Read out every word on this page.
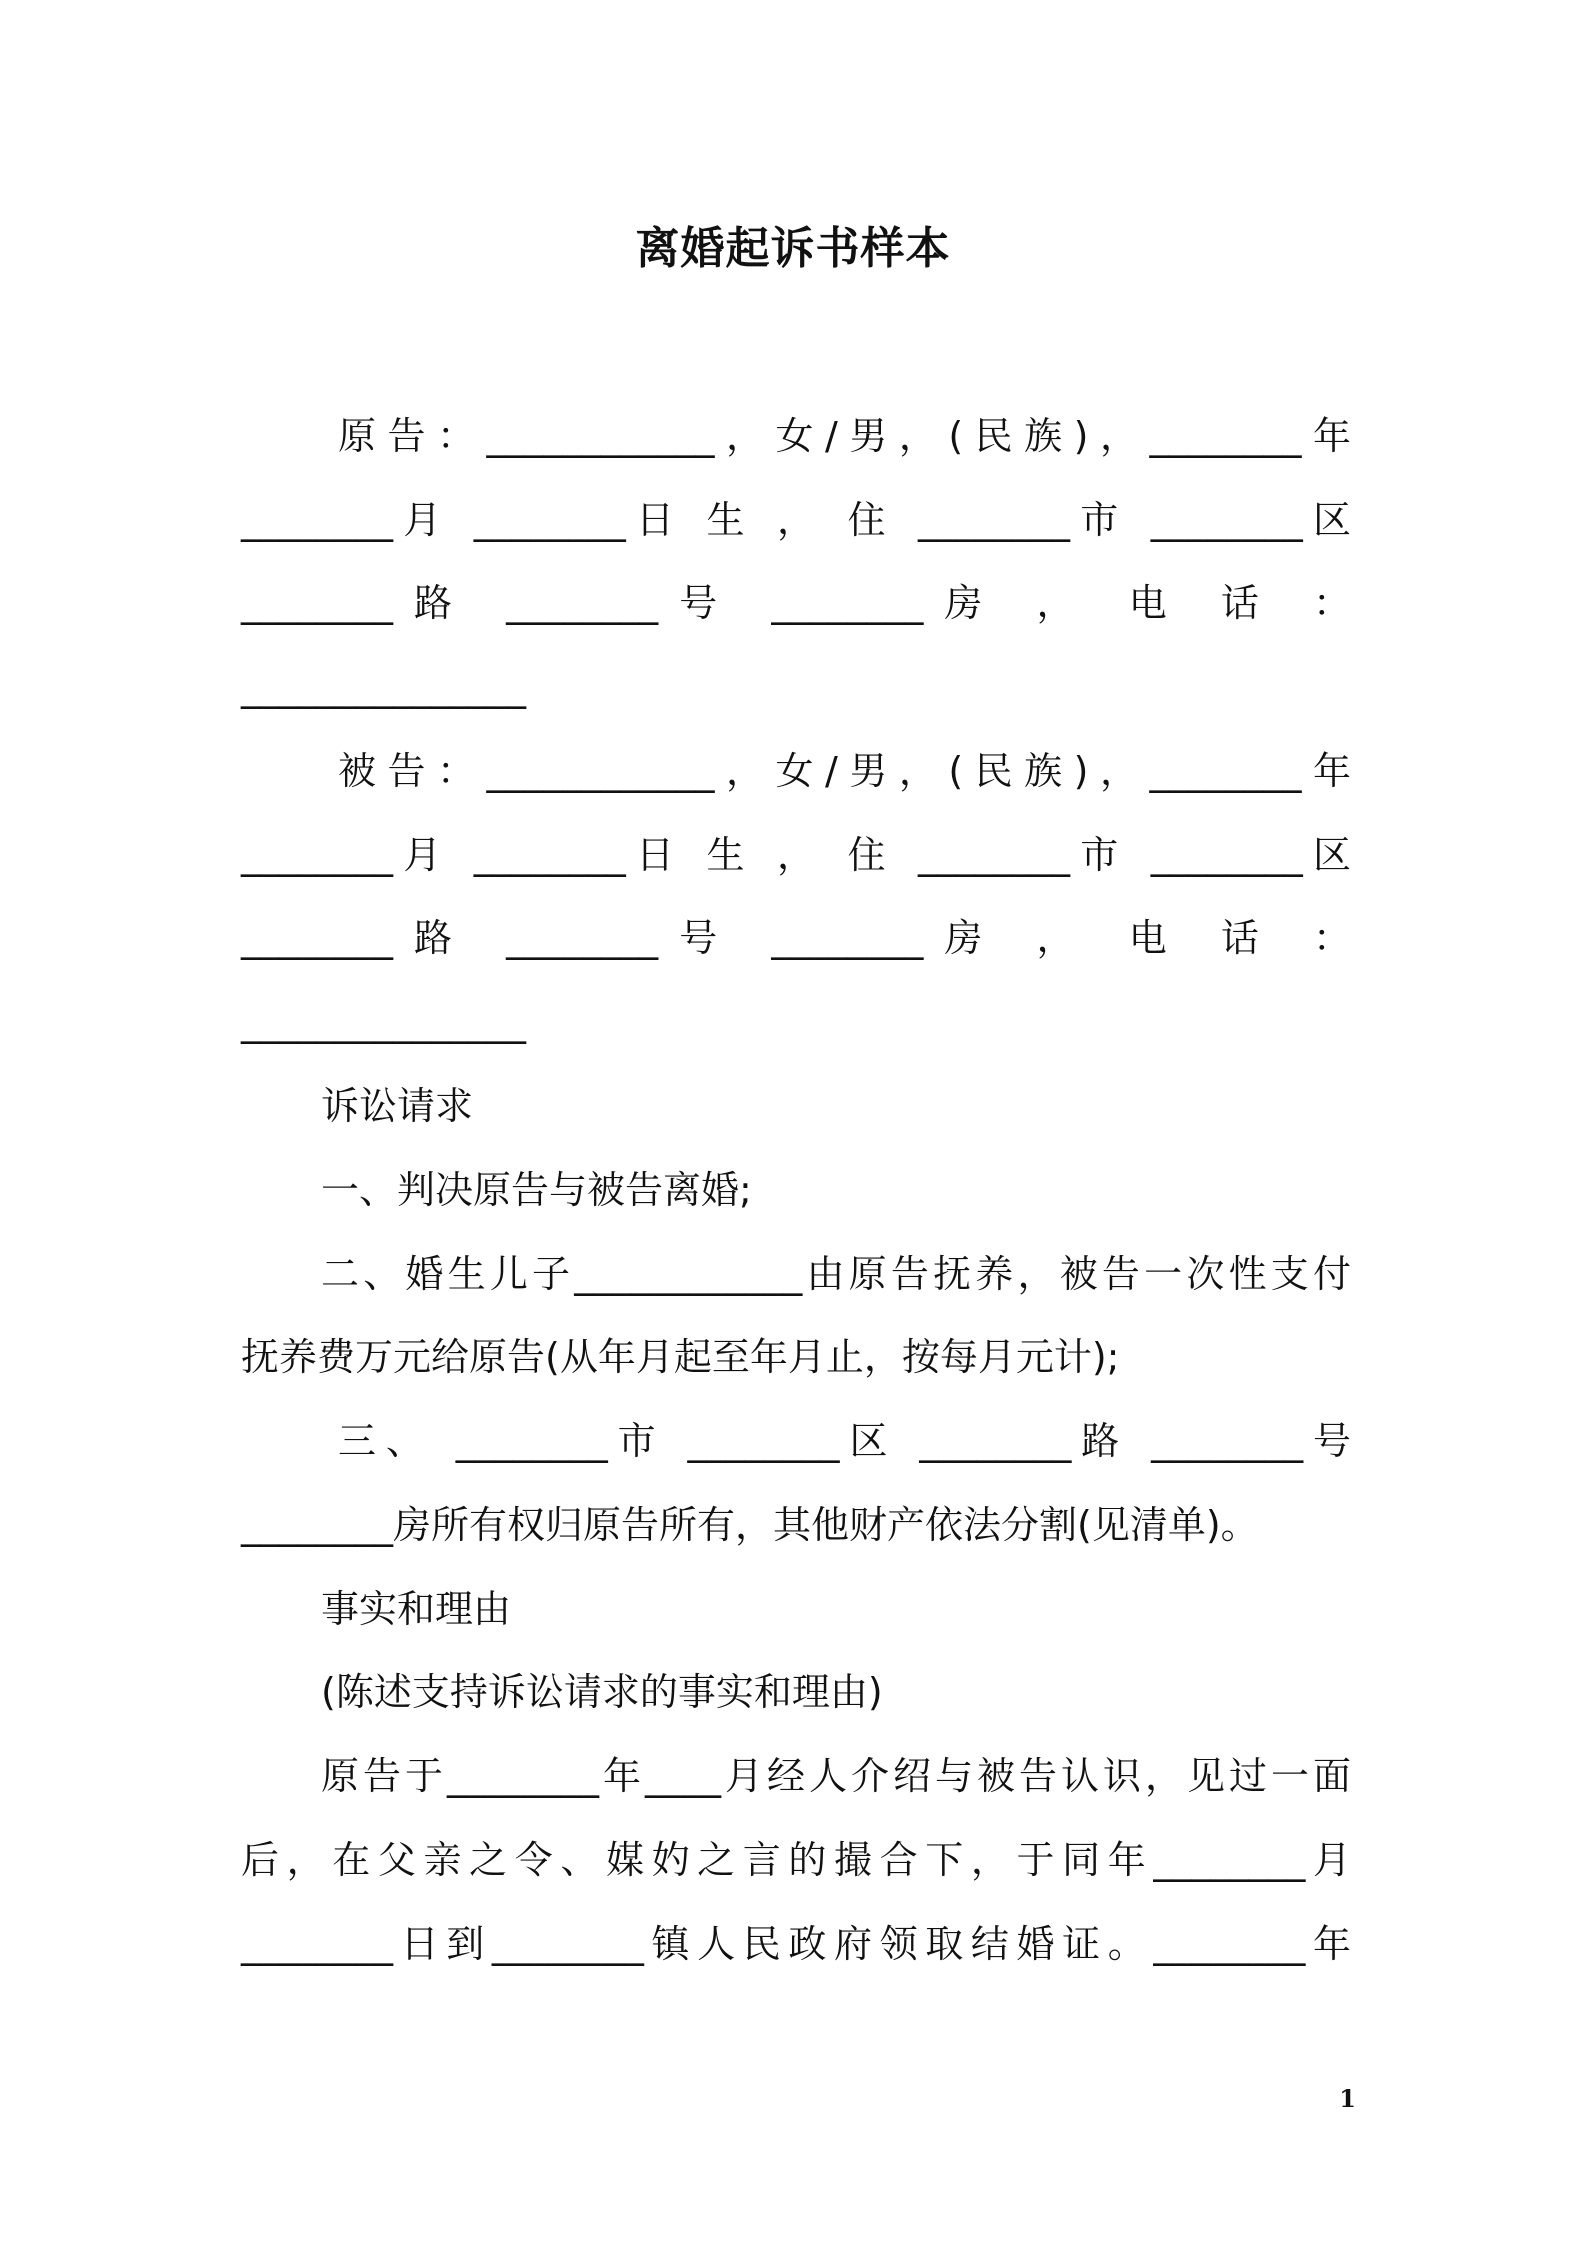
离婚起诉书样本
原告：____________，女/男，(民族)，________年
________月 ________日 生 ， 住 ________市 ________区
________路 ________号 ________房 ， 电 话 ：
_______________
被告：____________，女/男，(民族)，________年
________月 ________日 生 ， 住 ________市 ________区
________路 ________号 ________房 ， 电 话 ：
_______________
诉讼请求
一、判决原告与被告离婚;
二、婚生儿子____________由原告抚养，被告一次性支付
抚养费万元给原告(从年月起至年月止，按每月元计);
三、 ________市 ________区 ________路 ________号
________房所有权归原告所有，其他财产依法分割(见清单)。
事实和理由
(陈述支持诉讼请求的事实和理由)
原告于________年____月经人介绍与被告认识，见过一面
后，在父亲之令、媒妁之言的撮合下，于同年________月
________日到________镇人民政府领取结婚证。________年
1
